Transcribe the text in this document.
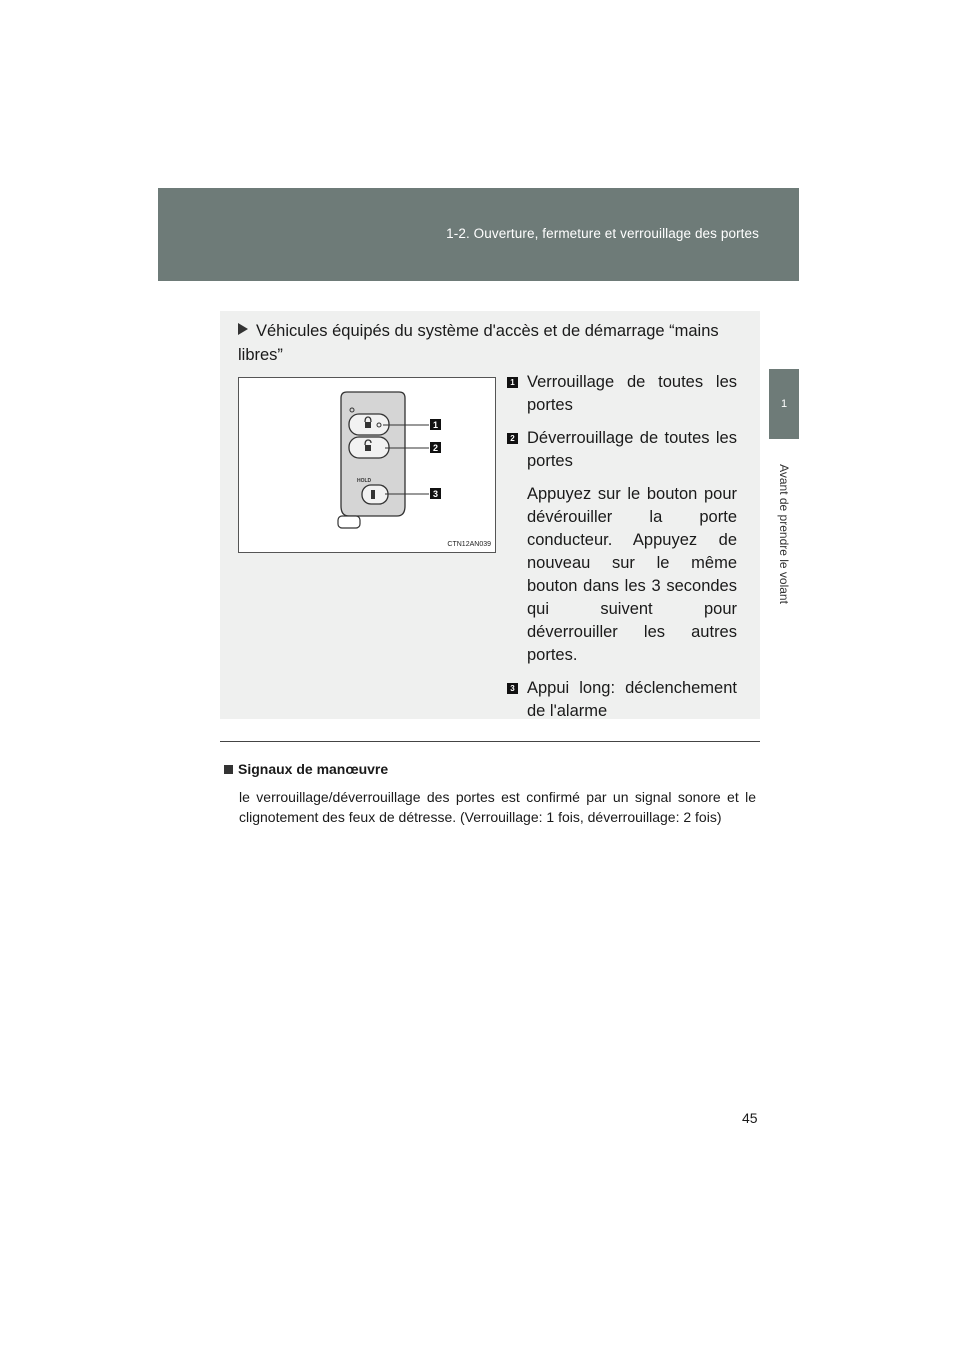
1-2. Ouverture, fermeture et verrouillage des portes
1
Avant de prendre le volant
Véhicules équipés du système d'accès et de démarrage “mains libres”
HOLD
1
2
3
CTN12AN039
1 Verrouillage de toutes les portes
2 Déverrouillage de toutes les portes
Appuyez sur le bouton pour dévérouiller la porte conducteur. Appuyez de nouveau sur le même bouton dans les 3 secondes qui suivent pour déverrouiller les autres portes.
3 Appui long: déclenchement de l'alarme
Signaux de manœuvre
le verrouillage/déverrouillage des portes est confirmé par un signal sonore et le clignotement des feux de détresse. (Verrouillage: 1 fois, déverrouillage: 2 fois)
45
